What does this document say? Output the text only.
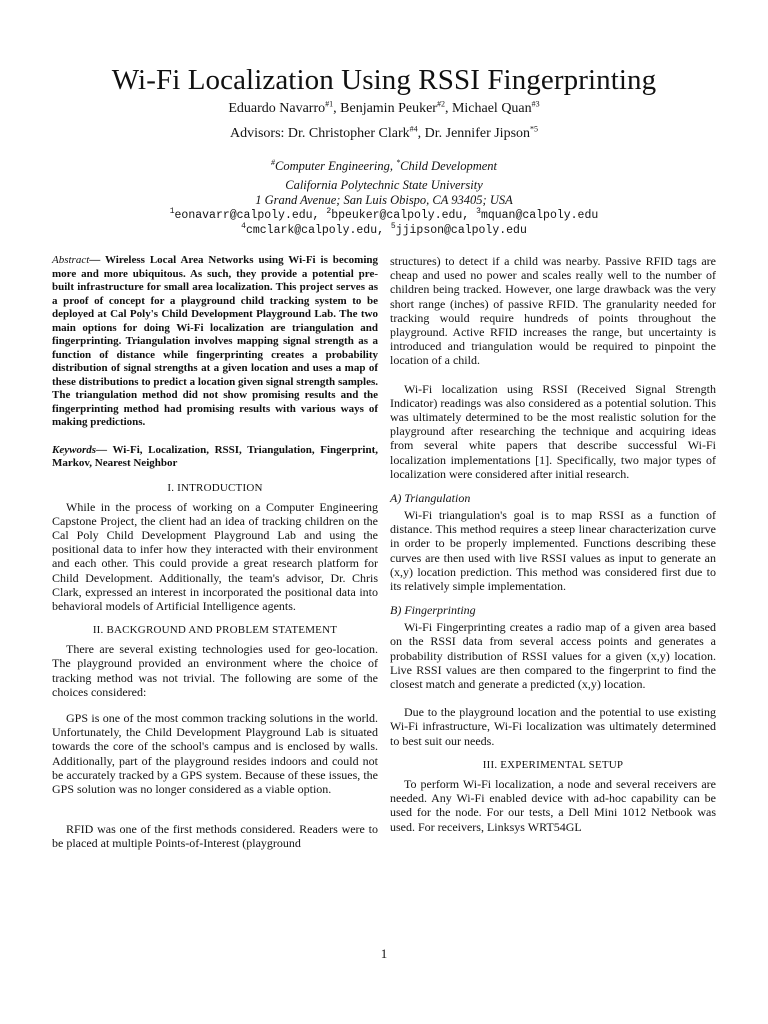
Wi-Fi Localization Using RSSI Fingerprinting
Eduardo Navarro$^{\#1}$, Benjamin Peuker$^{\#2}$, Michael Quan$^{\#3}$
Advisors: Dr. Christopher Clark$^{\#4}$, Dr. Jennifer Jipson$^{*5}$
#Computer Engineering, *Child Development
California Polytechnic State University
1 Grand Avenue; San Luis Obispo, CA 93405; USA
$^1$eonavarr@calpoly.edu, $^2$bpeuker@calpoly.edu, $^3$mquan@calpoly.edu
$^4$cmclark@calpoly.edu, $^5$jjipson@calpoly.edu

Abstract— Wireless Local Area Networks using Wi-Fi is becoming more and more ubiquitous. As such, they provide a potential pre-built infrastructure for small area localization. This project serves as a proof of concept for a playground child tracking system to be deployed at Cal Poly's Child Development Playground Lab. The two main options for doing Wi-Fi localization are triangulation and fingerprinting. Triangulation involves mapping signal strength as a function of distance while fingerprinting creates a probability distribution of signal strengths at a given location and uses a map of these distributions to predict a location given signal strength samples. The triangulation method did not show promising results and the fingerprinting method had promising results with various ways of making predictions.

Keywords— Wi-Fi, Localization, RSSI, Triangulation, Fingerprint, Markov, Nearest Neighbor

I. INTRODUCTION

While in the process of working on a Computer Engineering Capstone Project, the client had an idea of tracking children on the Cal Poly Child Development Playground Lab and using the positional data to infer how they interacted with their environment and each other. This could provide a great research platform for Child Development. Additionally, the team's advisor, Dr. Chris Clark, expressed an interest in incorporated the positional data into behavioral models of Artificial Intelligence agents.

II. BACKGROUND AND PROBLEM STATEMENT

There are several existing technologies used for geo-location. The playground provided an environment where the choice of tracking method was not trivial. The following are some of the choices considered:

GPS is one of the most common tracking solutions in the world. Unfortunately, the Child Development Playground Lab is situated towards the core of the school's campus and is enclosed by walls. Additionally, part of the playground resides indoors and could not be accurately tracked by a GPS system. Because of these issues, the GPS solution was no longer considered as a viable option.

RFID was one of the first methods considered. Readers were to be placed at multiple Points-of-Interest (playground

structures) to detect if a child was nearby. Passive RFID tags are cheap and used no power and scales really well to the number of children being tracked. However, one large drawback was the very short range (inches) of passive RFID. The granularity needed for tracking would require hundreds of points throughout the playground. Active RFID increases the range, but uncertainty is introduced and triangulation would be required to pinpoint the location of a child.

Wi-Fi localization using RSSI (Received Signal Strength Indicator) readings was also considered as a potential solution. This was ultimately determined to be the most realistic solution for the playground after researching the technique and acquiring ideas from several white papers that describe successful Wi-Fi localization implementations [1]. Specifically, two major types of localization were considered after initial research.

A) Triangulation

Wi-Fi triangulation's goal is to map RSSI as a function of distance. This method requires a steep linear characterization curve in order to be properly implemented. Functions describing these curves are then used with live RSSI values as input to generate an (x,y) location prediction. This method was considered first due to its relatively simple implementation.

B) Fingerprinting

Wi-Fi Fingerprinting creates a radio map of a given area based on the RSSI data from several access points and generates a probability distribution of RSSI values for a given (x,y) location. Live RSSI values are then compared to the fingerprint to find the closest match and generate a predicted (x,y) location.

Due to the playground location and the potential to use existing Wi-Fi infrastructure, Wi-Fi localization was ultimately determined to best suit our needs.

III. EXPERIMENTAL SETUP

To perform Wi-Fi localization, a node and several receivers are needed. Any Wi-Fi enabled device with ad-hoc capability can be used for the node. For our tests, a Dell Mini 1012 Netbook was used. For receivers, Linksys WRT54GL

1
